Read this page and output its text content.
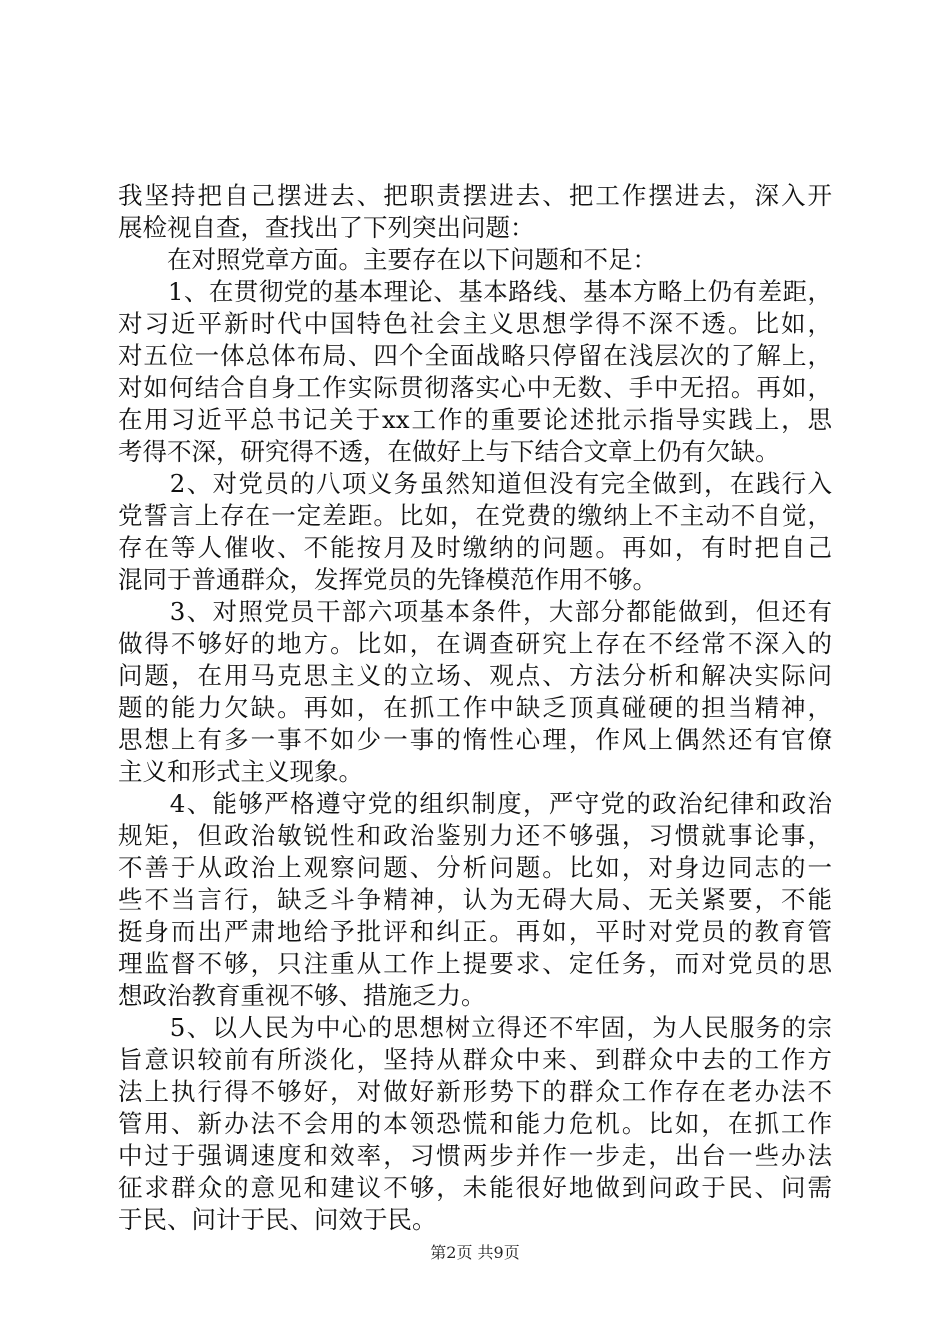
我坚持把自己摆进去、把职责摆进去、把工作摆进去，深入开
展检视自查，查找出了下列突出问题：
　　在对照党章方面。主要存在以下问题和不足：
　　1、在贯彻党的基本理论、基本路线、基本方略上仍有差距，
对习近平新时代中国特色社会主义思想学得不深不透。比如，
对五位一体总体布局、四个全面战略只停留在浅层次的了解上，
对如何结合自身工作实际贯彻落实心中无数、手中无招。再如，
在用习近平总书记关于xx工作的重要论述批示指导实践上，思
考得不深，研究得不透，在做好上与下结合文章上仍有欠缺。
　　2、对党员的八项义务虽然知道但没有完全做到，在践行入
党誓言上存在一定差距。比如，在党费的缴纳上不主动不自觉，
存在等人催收、不能按月及时缴纳的问题。再如，有时把自己
混同于普通群众，发挥党员的先锋模范作用不够。
　　3、对照党员干部六项基本条件，大部分都能做到，但还有
做得不够好的地方。比如，在调查研究上存在不经常不深入的
问题，在用马克思主义的立场、观点、方法分析和解决实际问
题的能力欠缺。再如，在抓工作中缺乏顶真碰硬的担当精神，
思想上有多一事不如少一事的惰性心理，作风上偶然还有官僚
主义和形式主义现象。
　　4、能够严格遵守党的组织制度，严守党的政治纪律和政治
规矩，但政治敏锐性和政治鉴别力还不够强，习惯就事论事，
不善于从政治上观察问题、分析问题。比如，对身边同志的一
些不当言行，缺乏斗争精神，认为无碍大局、无关紧要，不能
挺身而出严肃地给予批评和纠正。再如，平时对党员的教育管
理监督不够，只注重从工作上提要求、定任务，而对党员的思
想政治教育重视不够、措施乏力。
　　5、以人民为中心的思想树立得还不牢固，为人民服务的宗
旨意识较前有所淡化，坚持从群众中来、到群众中去的工作方
法上执行得不够好，对做好新形势下的群众工作存在老办法不
管用、新办法不会用的本领恐慌和能力危机。比如，在抓工作
中过于强调速度和效率，习惯两步并作一步走，出台一些办法
征求群众的意见和建议不够，未能很好地做到问政于民、问需
于民、问计于民、问效于民。
第2页 共9页
